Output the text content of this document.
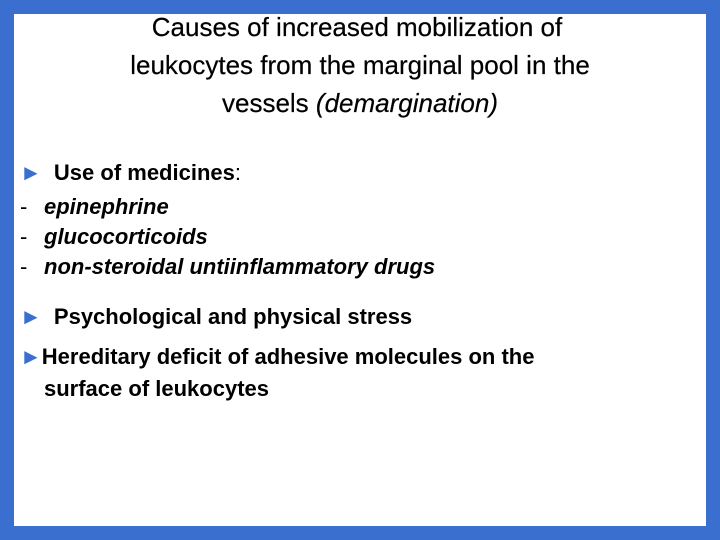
Causes of increased mobilization of
leukocytes from the marginal pool in the
vessels (demargination)
► Use of medicines:
- epinephrine
- glucocorticoids
- non-steroidal untiinflammatory drugs
► Psychological and physical stress
►Hereditary deficit of adhesive molecules on the
surface of leukocytes
